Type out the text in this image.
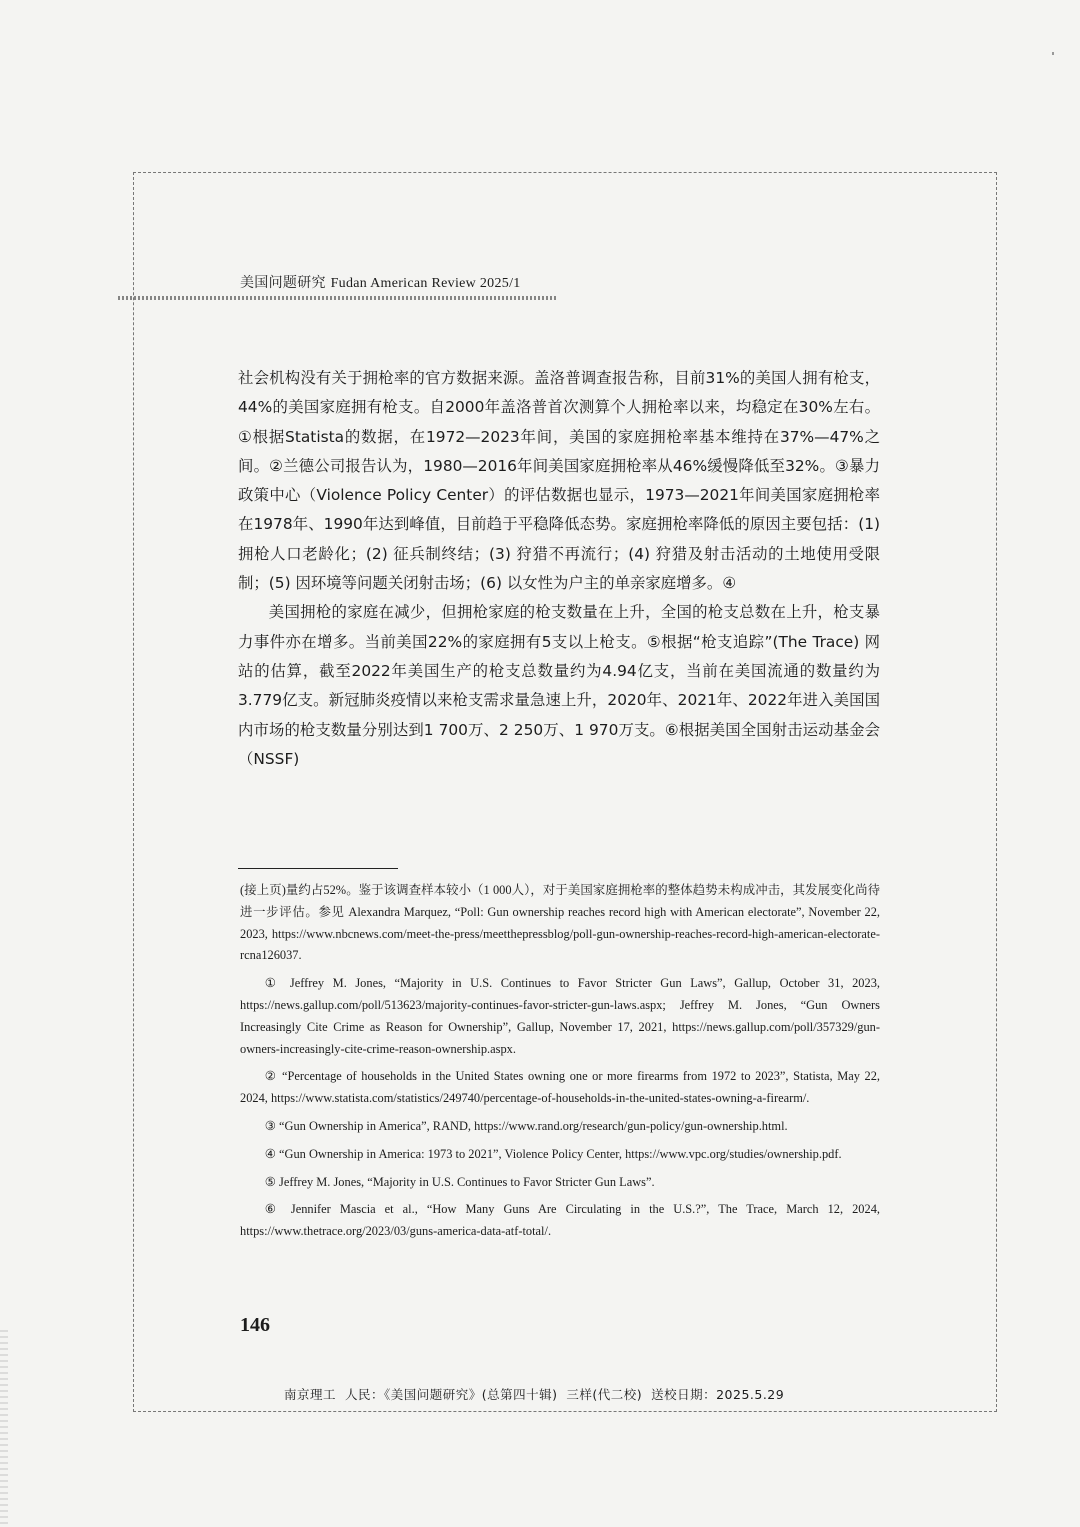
美国问题研究 Fudan American Review 2025/1

社会机构没有关于拥枪率的官方数据来源。盖洛普调查报告称，目前31%的美国人拥有枪支，44%的美国家庭拥有枪支。自2000年盖洛普首次测算个人拥枪率以来，均稳定在30%左右。①根据Statista的数据，在1972—2023年间，美国的家庭拥枪率基本维持在37%—47%之间。②兰德公司报告认为，1980—2016年间美国家庭拥枪率从46%缓慢降低至32%。③暴力政策中心（Violence Policy Center）的评估数据也显示，1973—2021年间美国家庭拥枪率在1978年、1990年达到峰值，目前趋于平稳降低态势。家庭拥枪率降低的原因主要包括：(1) 拥枪人口老龄化；(2) 征兵制终结；(3) 狩猎不再流行；(4) 狩猎及射击活动的土地使用受限制；(5) 因环境等问题关闭射击场；(6) 以女性为户主的单亲家庭增多。④

美国拥枪的家庭在减少，但拥枪家庭的枪支数量在上升，全国的枪支总数在上升，枪支暴力事件亦在增多。当前美国22%的家庭拥有5支以上枪支。⑤根据“枪支追踪”(The Trace) 网站的估算，截至2022年美国生产的枪支总数量约为4.94亿支，当前在美国流通的数量约为3.779亿支。新冠肺炎疫情以来枪支需求量急速上升，2020年、2021年、2022年进入美国国内市场的枪支数量分别达到1 700万、2 250万、1 970万支。⑥根据美国全国射击运动基金会（NSSF)

(接上页)量约占52%。鉴于该调查样本较小（1 000人），对于美国家庭拥枪率的整体趋势未构成冲击，其发展变化尚待进一步评估。参见 Alexandra Marquez, “Poll: Gun ownership reaches record high with American electorate”, November 22, 2023, https://www.nbcnews.com/meet-the-press/meetthepressblog/poll-gun-ownership-reaches-record-high-american-electorate-rcna126037.

① Jeffrey M. Jones, “Majority in U.S. Continues to Favor Stricter Gun Laws”, Gallup, October 31, 2023, https://news.gallup.com/poll/513623/majority-continues-favor-stricter-gun-laws.aspx; Jeffrey M. Jones, “Gun Owners Increasingly Cite Crime as Reason for Ownership”, Gallup, November 17, 2021, https://news.gallup.com/poll/357329/gun-owners-increasingly-cite-crime-reason-ownership.aspx.

② “Percentage of households in the United States owning one or more firearms from 1972 to 2023”, Statista, May 22, 2024, https://www.statista.com/statistics/249740/percentage-of-households-in-the-united-states-owning-a-firearm/.

③ “Gun Ownership in America”, RAND, https://www.rand.org/research/gun-policy/gun-ownership.html.

④ “Gun Ownership in America: 1973 to 2021”, Violence Policy Center, https://www.vpc.org/studies/ownership.pdf.

⑤ Jeffrey M. Jones, “Majority in U.S. Continues to Favor Stricter Gun Laws”.

⑥ Jennifer Mascia et al., “How Many Guns Are Circulating in the U.S.?”, The Trace, March 12, 2024, https://www.thetrace.org/2023/03/guns-america-data-atf-total/.

146
南京理工  人民：《美国问题研究》(总第四十辑)  三样(代二校)  送校日期：2025.5.29
